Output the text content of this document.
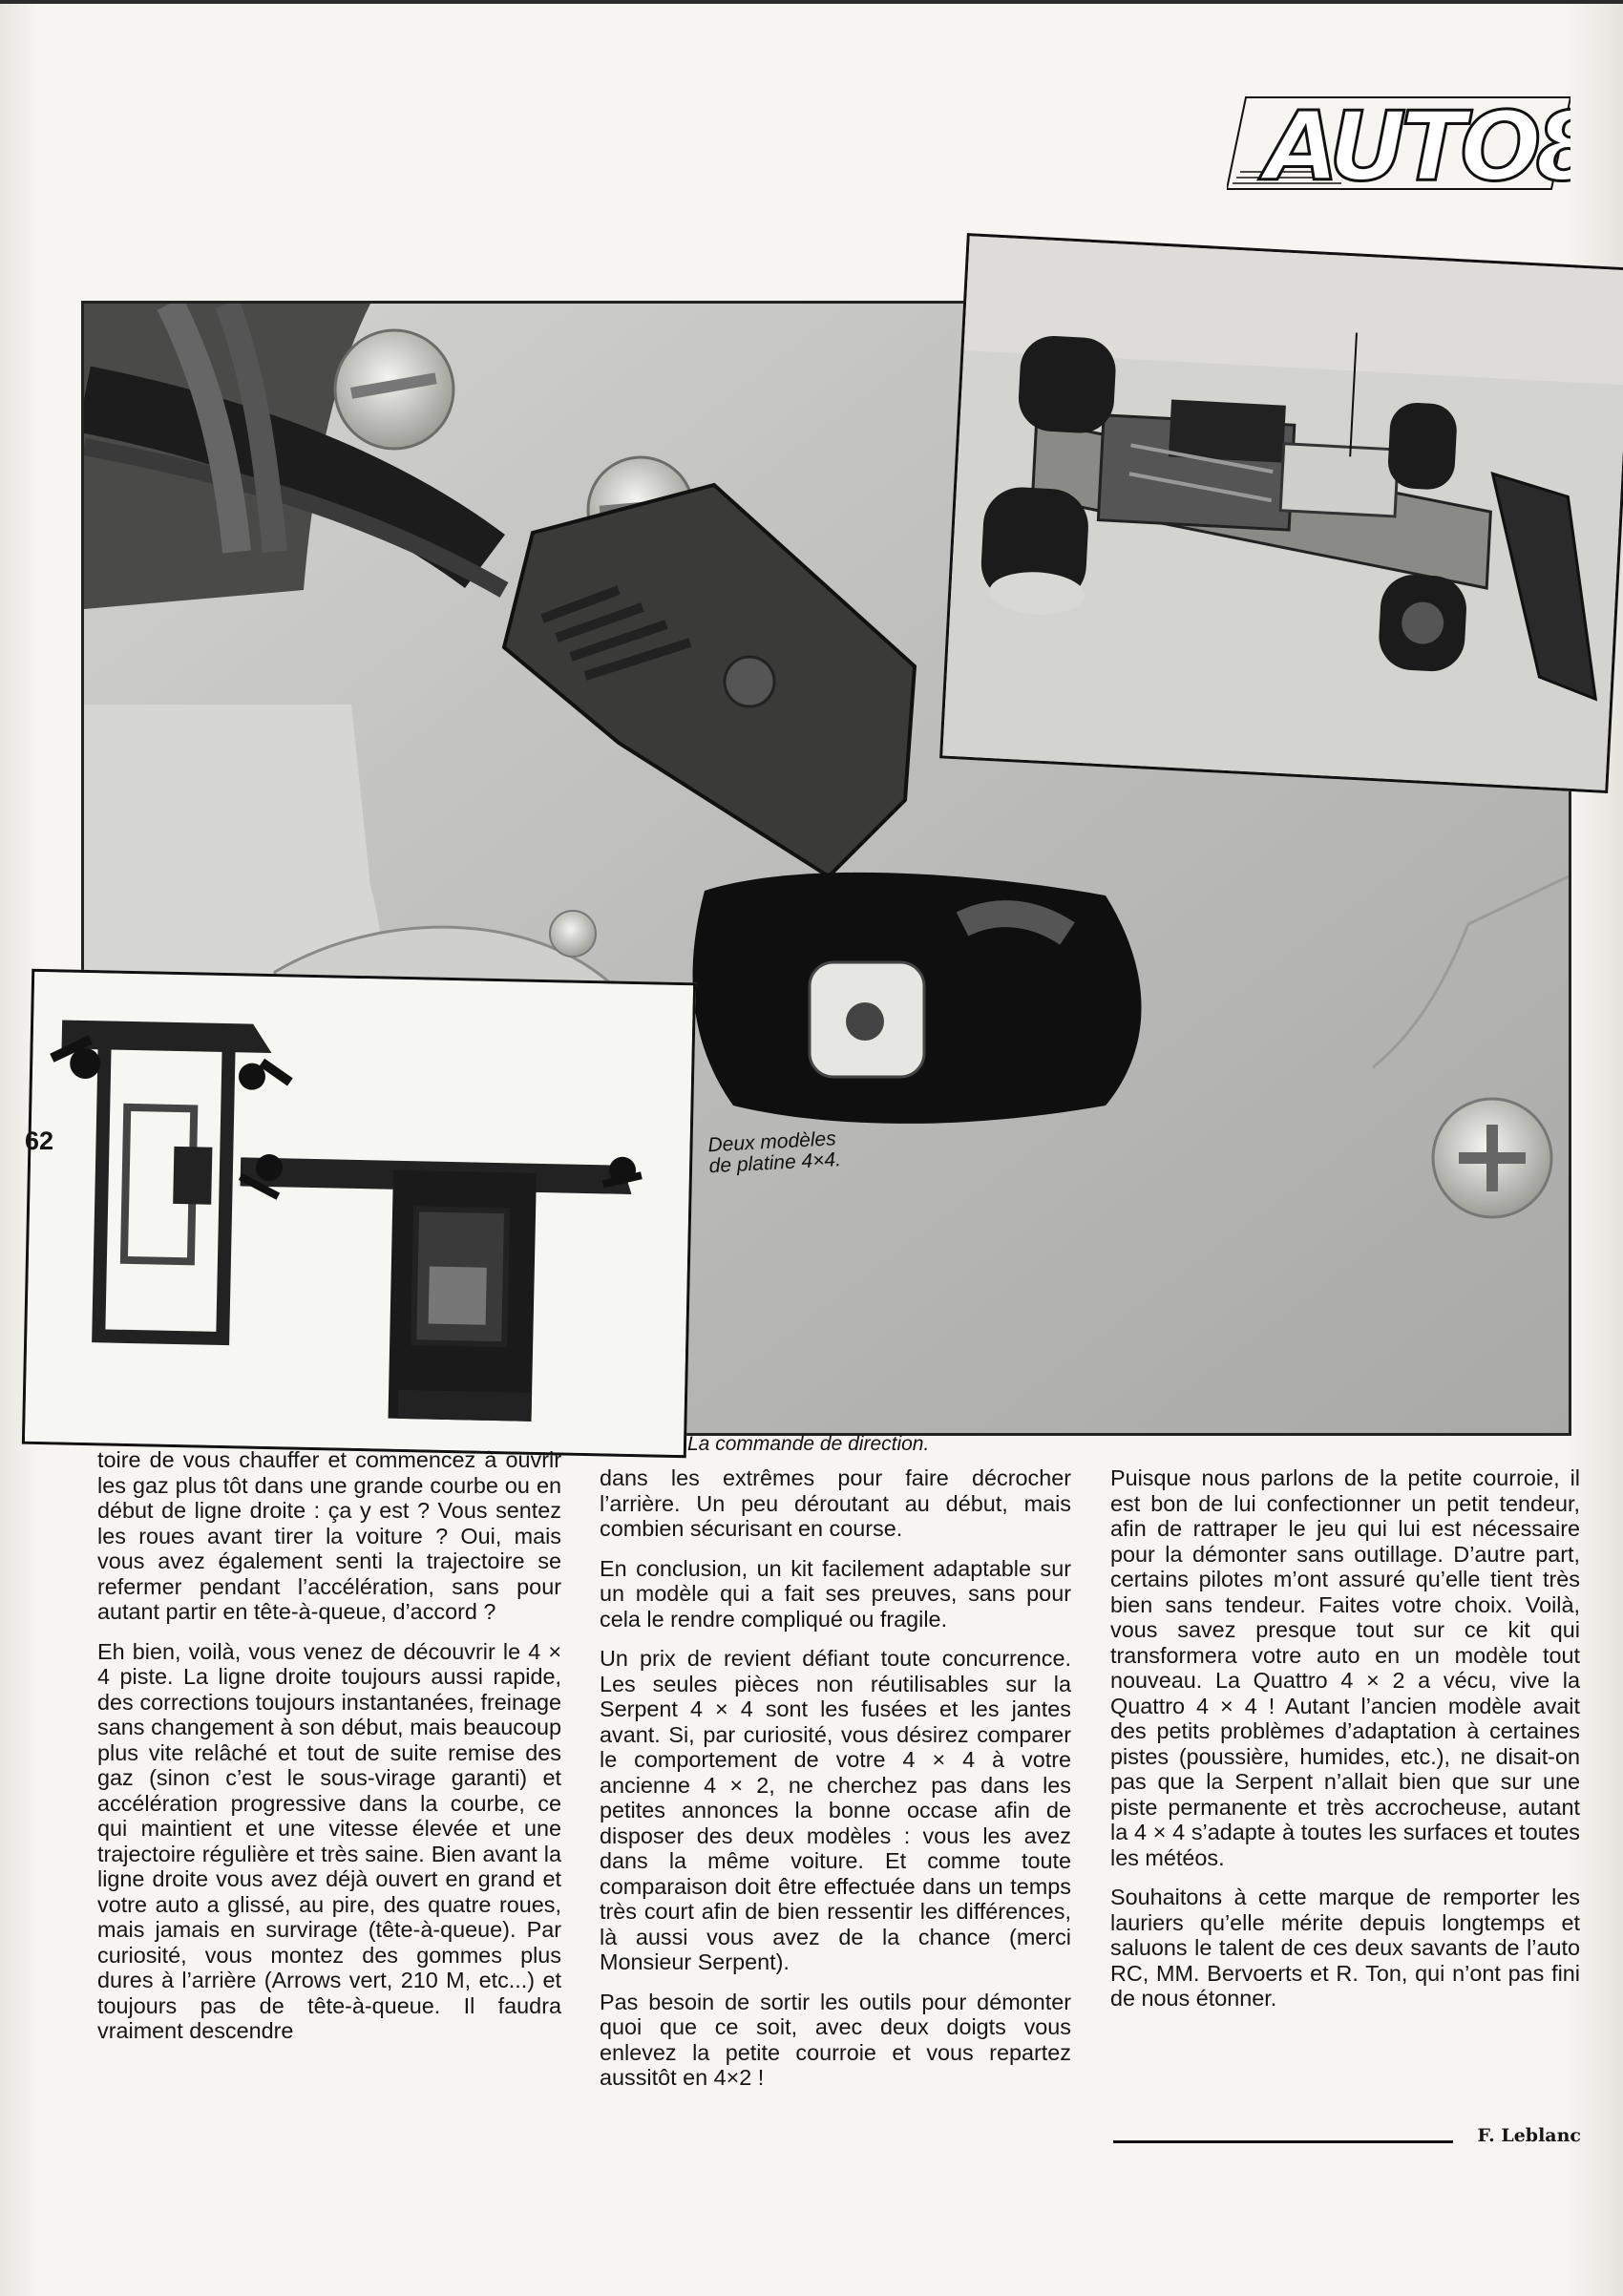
AUTO8
Deux modèles
de platine 4×4.
La commande de direction.
62

toire de vous chauffer et commencez à ouvrir les gaz plus tôt dans une grande courbe ou en début de ligne droite : ça y est ? Vous sentez les roues avant tirer la voiture ? Oui, mais vous avez également senti la trajectoire se refermer pendant l’accélération, sans pour autant partir en tête-à-queue, d’accord ?

Eh bien, voilà, vous venez de découvrir le 4 × 4 piste. La ligne droite toujours aussi rapide, des corrections toujours instantanées, freinage sans changement à son début, mais beaucoup plus vite relâché et tout de suite remise des gaz (sinon c’est le sous-virage garanti) et accélération progressive dans la courbe, ce qui maintient et une vitesse élevée et une trajectoire régulière et très saine. Bien avant la ligne droite vous avez déjà ouvert en grand et votre auto a glissé, au pire, des quatre roues, mais jamais en survirage (tête-à-queue). Par curiosité, vous montez des gommes plus dures à l’arrière (Arrows vert, 210 M, etc...) et toujours pas de tête-à-queue. Il faudra vraiment descendre

dans les extrêmes pour faire décrocher l’arrière. Un peu déroutant au début, mais combien sécurisant en course.

En conclusion, un kit facilement adaptable sur un modèle qui a fait ses preuves, sans pour cela le rendre compliqué ou fragile.

Un prix de revient défiant toute concurrence. Les seules pièces non réutilisables sur la Serpent 4 × 4 sont les fusées et les jantes avant. Si, par curiosité, vous désirez comparer le comportement de votre 4 × 4 à votre ancienne 4 × 2, ne cherchez pas dans les petites annonces la bonne occase afin de disposer des deux modèles : vous les avez dans la même voiture. Et comme toute comparaison doit être effectuée dans un temps très court afin de bien ressentir les différences, là aussi vous avez de la chance (merci Monsieur Serpent).

Pas besoin de sortir les outils pour démonter quoi que ce soit, avec deux doigts vous enlevez la petite courroie et vous repartez aussitôt en 4×2 !

Puisque nous parlons de la petite courroie, il est bon de lui confectionner un petit tendeur, afin de rattraper le jeu qui lui est nécessaire pour la démonter sans outillage. D’autre part, certains pilotes m’ont assuré qu’elle tient très bien sans tendeur. Faites votre choix. Voilà, vous savez presque tout sur ce kit qui transformera votre auto en un modèle tout nouveau. La Quattro 4 × 2 a vécu, vive la Quattro 4 × 4 ! Autant l’ancien modèle avait des petits problèmes d’adaptation à certaines pistes (poussière, humides, etc.), ne disait-on pas que la Serpent n’allait bien que sur une piste permanente et très accrocheuse, autant la 4 × 4 s’adapte à toutes les surfaces et toutes les météos.

Souhaitons à cette marque de remporter les lauriers qu’elle mérite depuis longtemps et saluons le talent de ces deux savants de l’auto RC, MM. Bervoerts et R. Ton, qui n’ont pas fini de nous étonner.

F. Leblanc
